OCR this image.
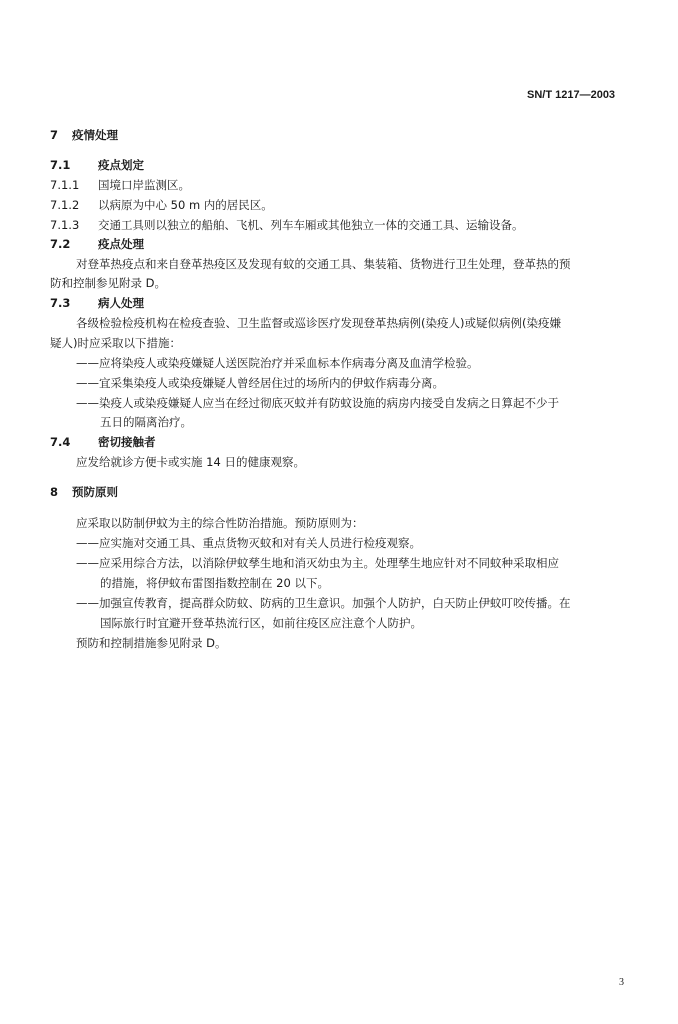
SN/T 1217—2003
7 疫情处理
7.1 疫点划定
7.1.1 国境口岸监测区。
7.1.2 以病原为中心 50 m 内的居民区。
7.1.3 交通工具则以独立的船舶、飞机、列车车厢或其他独立一体的交通工具、运输设备。
7.2 疫点处理
对登革热疫点和来自登革热疫区及发现有蚊的交通工具、集装箱、货物进行卫生处理，登革热的预
防和控制参见附录 D。
7.3 病人处理
各级检验检疫机构在检疫查验、卫生监督或巡诊医疗发现登革热病例(染疫人)或疑似病例(染疫嫌
疑人)时应采取以下措施：
——应将染疫人或染疫嫌疑人送医院治疗并采血标本作病毒分离及血清学检验。
——宜采集染疫人或染疫嫌疑人曾经居住过的场所内的伊蚊作病毒分离。
——染疫人或染疫嫌疑人应当在经过彻底灭蚊并有防蚊设施的病房内接受自发病之日算起不少于
五日的隔离治疗。
7.4 密切接触者
应发给就诊方便卡或实施 14 日的健康观察。
8 预防原则
应采取以防制伊蚊为主的综合性防治措施。预防原则为：
——应实施对交通工具、重点货物灭蚊和对有关人员进行检疫观察。
——应采用综合方法，以消除伊蚊孳生地和消灭幼虫为主。处理孳生地应针对不同蚊种采取相应
的措施，将伊蚊布雷图指数控制在 20 以下。
——加强宣传教育，提高群众防蚊、防病的卫生意识。加强个人防护，白天防止伊蚊叮咬传播。在
国际旅行时宜避开登革热流行区，如前往疫区应注意个人防护。
预防和控制措施参见附录 D。
3
